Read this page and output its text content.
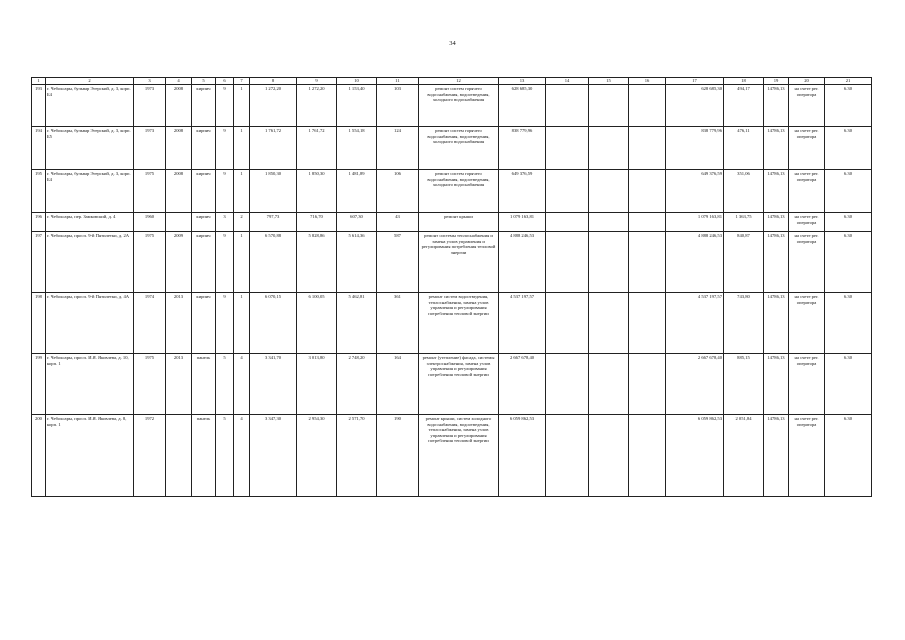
34
1	2	3	4	5	6	7	8	9	10	11	12	13	14	15	16	17	18	19	20	21
193	г. Чебоксары, бульвар Эгерский, д. 3, корп. Б4	1973	2008	кирпич	9	1	1 272,20	1 272,20	1 153,40	103	ремонт систем горячего водоснабжения, водоотведения, холодного водоснабжения	628 685,30				628 685,30	494,17	14786,13	на счете рег. оператора	6.30
194	г. Чебоксары, бульвар Эгерский, д. 3, корп. Б5	1973	2008	кирпич	9	1	1 761,72	1 761,72	1 554,18	124	ремонт систем горячего водоснабжения, водоотведения, холодного водоснабжения	838 779,96				838 779,96	476,11	14786,13	на счете рег. оператора	6.30
195	г. Чебоксары, бульвар Эгерский, д. 3, корп. Б4	1975	2008	кирпич	9	1	1 850,30	1 850,30	1 481,89	106	ремонт систем горячего водоснабжения, водоотведения, холодного водоснабжения	649 376,59				649 376,59	351,06	14786,13	на счете рег. оператора	6.30
196	г. Чебоксары, пер. Замковский, д. 4	1960		кирпич	3	2	797,73	716,70	607,30	43	ремонт крыши	1 079 163,81				1 079 163,81	1 363,75	14786,13	на счете рег. оператора	6.30
197	г. Чебоксары, просп. 9-й Пятилетки, д. 2А	1975	2009	кирпич	9	1	6 570,88	5 828,86	5 614,36	587	ремонт системы теплоснабжения и замена узлов управления и регулирования потребления тепловой энергии	4 888 246,53				4 888 246,53	840,87	14786,13	на счете рег. оператора	6.30
198	г. Чебоксары, просп. 9-й Пятилетки, д. 4А	1974	2013	кирпич	9	1	6 070,15	6 100,05	5 462,81	361	ремонт систем водоотведения, теплоснабжения, замена узлов управления и регулирования потребления тепловой энергии	4 537 197,57				4 537 197,57	743,80	14786,13	на счете рег. оператора	6.30
199	г. Чебоксары, просп. И.Я. Яковлева, д. 10, корп. 1	1975	2013	панель	5	4	3 341,70	3 013,80	2 748,20	164	ремонт (утепление) фасада, системы электроснабжения, замена узлов управления и регулирования потребления тепловой энергии	2 667 678,40				2 667 678,40	885,15	14786,13	на счете рег. оператора	6.30
200	г. Чебоксары, просп. И.Я. Яковлева, д. 8, корп. 1	1972		панель	5	4	3 347,30	2 954,30	2 571,70	190	ремонт крыши, систем холодного водоснабжения, водоотведения, теплоснабжения, замена узлов управления и регулирования потребления тепловой энергии	6 059 862,53				6 059 862,53	2 051,84	14786,13	на счете рег. оператора	6.30
